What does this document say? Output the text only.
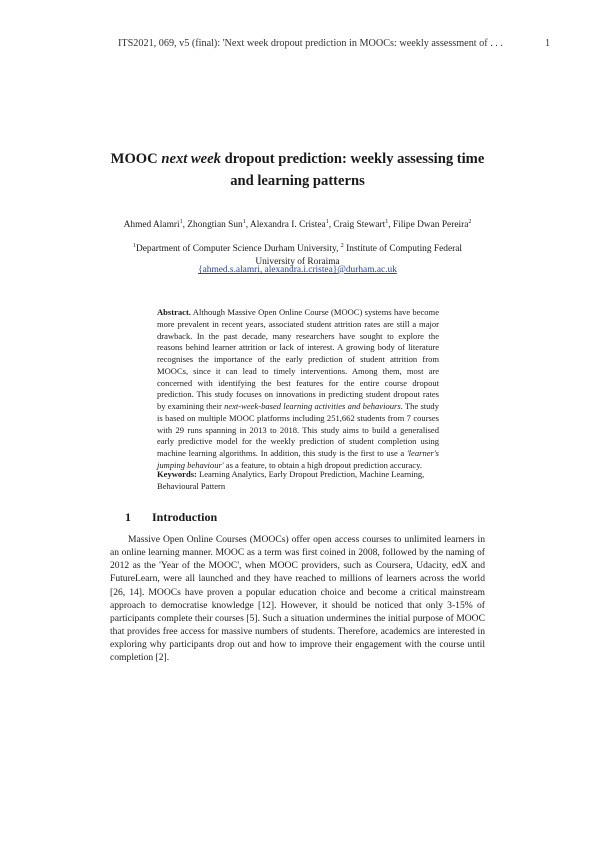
ITS2021, 069, v5 (final): 'Next week dropout prediction in MOOCs: weekly assessment of . . .	1
MOOC next week dropout prediction: weekly assessing time and learning patterns
Ahmed Alamri$^1$, Zhongtian Sun$^1$, Alexandra I. Cristea$^1$, Craig Stewart$^1$, Filipe Dwan Pereira$^2$
$^1$Department of Computer Science Durham University, $^2$ Institute of Computing Federal University of Roraima
{ahmed.s.alamri, alexandra.i.cristea}@durham.ac.uk

Abstract. Although Massive Open Online Course (MOOC) systems have become more prevalent in recent years, associated student attrition rates are still a major drawback. In the past decade, many researchers have sought to explore the reasons behind learner attrition or lack of interest. A growing body of literature recognises the importance of the early prediction of student attrition from MOOCs, since it can lead to timely interventions. Among them, most are concerned with identifying the best features for the entire course dropout prediction. This study focuses on innovations in predicting student dropout rates by examining their next-week-based learning activities and behaviours. The study is based on multiple MOOC platforms including 251,662 students from 7 courses with 29 runs spanning in 2013 to 2018. This study aims to build a generalised early predictive model for the weekly prediction of student completion using machine learning algorithms. In addition, this study is the first to use a 'learner's jumping behaviour' as a feature, to obtain a high dropout prediction accuracy.

Keywords: Learning Analytics, Early Dropout Prediction, Machine Learning, Behavioural Pattern

1 Introduction

Massive Open Online Courses (MOOCs) offer open access courses to unlimited learners in an online learning manner. MOOC as a term was first coined in 2008, followed by the naming of 2012 as the 'Year of the MOOC', when MOOC providers, such as Coursera, Udacity, edX and FutureLearn, were all launched and they have reached to millions of learners across the world [26, 14]. MOOCs have proven a popular education choice and become a critical mainstream approach to democratise knowledge [12]. However, it should be noticed that only 3-15% of participants complete their courses [5]. Such a situation undermines the initial purpose of MOOC that provides free access for massive numbers of students. Therefore, academics are interested in exploring why participants drop out and how to improve their engagement with the course until completion [2].
